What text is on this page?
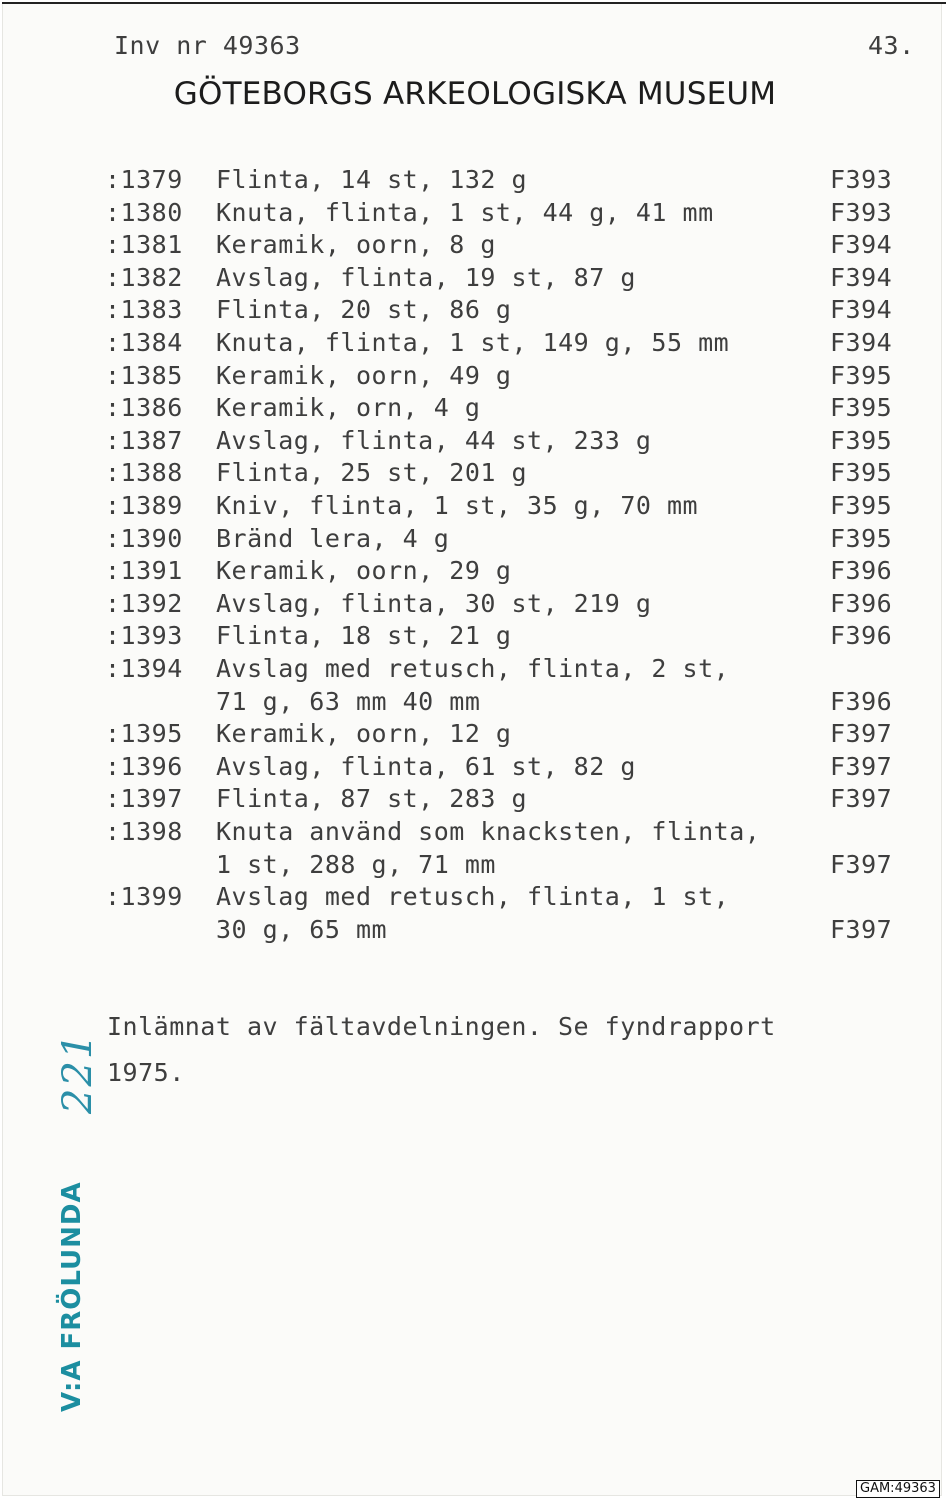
Inv nr 49363	43.
GÖTEBORGS ARKEOLOGISKA MUSEUM
:1379 Flinta, 14 st, 132 g	F393
:1380 Knuta, flinta, 1 st, 44 g, 41 mm	F393
:1381 Keramik, oorn, 8 g	F394
:1382 Avslag, flinta, 19 st, 87 g	F394
:1383 Flinta, 20 st, 86 g	F394
:1384 Knuta, flinta, 1 st, 149 g, 55 mm	F394
:1385 Keramik, oorn, 49 g	F395
:1386 Keramik, orn, 4 g	F395
:1387 Avslag, flinta, 44 st, 233 g	F395
:1388 Flinta, 25 st, 201 g	F395
:1389 Kniv, flinta, 1 st, 35 g, 70 mm	F395
:1390 Bränd lera, 4 g	F395
:1391 Keramik, oorn, 29 g	F396
:1392 Avslag, flinta, 30 st, 219 g	F396
:1393 Flinta, 18 st, 21 g	F396
:1394 Avslag med retusch, flinta, 2 st,
71 g, 63 mm 40 mm	F396
:1395 Keramik, oorn, 12 g	F397
:1396 Avslag, flinta, 61 st, 82 g	F397
:1397 Flinta, 87 st, 283 g	F397
:1398 Knuta använd som knacksten, flinta,
1 st, 288 g, 71 mm	F397
:1399 Avslag med retusch, flinta, 1 st,
30 g, 65 mm	F397
Inlämnat av fältavdelningen. Se fyndrapport
1975.
221
V:A FRÖLUNDA
GAM:49363
